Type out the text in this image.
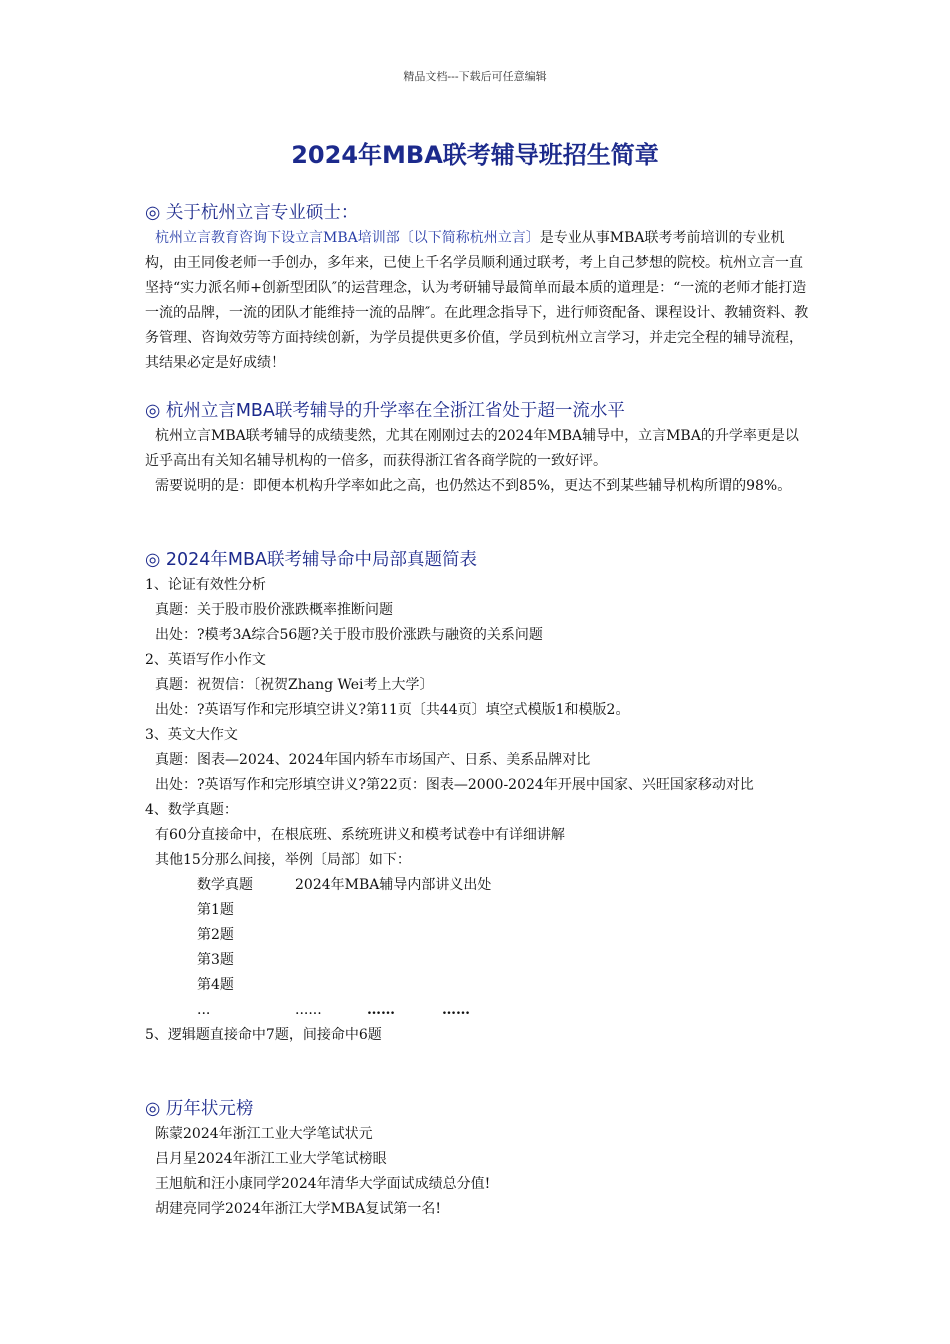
精品文档---下载后可任意编辑
2024年MBA联考辅导班招生简章
◎ 关于杭州立言专业硕士：
杭州立言教育咨询下设立言MBA培训部〔以下简称杭州立言〕是专业从事MBA联考考前培训的专业机构，由王同俊老师一手创办，多年来，已使上千名学员顺利通过联考，考上自己梦想的院校。杭州立言一直坚持“实力派名师+创新型团队″的运营理念，认为考研辅导最简单而最本质的道理是：“一流的老师才能打造一流的品牌，一流的团队才能维持一流的品牌″。在此理念指导下，进行师资配备、课程设计、教辅资料、教务管理、咨询效劳等方面持续创新，为学员提供更多价值，学员到杭州立言学习，并走完全程的辅导流程，其结果必定是好成绩！
◎ 杭州立言MBA联考辅导的升学率在全浙江省处于超一流水平
杭州立言MBA联考辅导的成绩斐然，尤其在刚刚过去的2024年MBA辅导中，立言MBA的升学率更是以近乎高出有关知名辅导机构的一倍多，而获得浙江省各商学院的一致好评。
需要说明的是：即便本机构升学率如此之高，也仍然达不到85%，更达不到某些辅导机构所谓的98%。
◎ 2024年MBA联考辅导命中局部真题简表
1、论证有效性分析
真题：关于股市股价涨跌概率推断问题
出处：?模考3A综合56题?关于股市股价涨跌与融资的关系问题
2、英语写作小作文
真题：祝贺信：〔祝贺Zhang Wei考上大学〕
出处：?英语写作和完形填空讲义?第11页〔共44页〕填空式模版1和模版2。
3、英文大作文
真题：图表—2024、2024年国内轿车市场国产、日系、美系品牌对比
出处：?英语写作和完形填空讲义?第22页：图表—2000-2024年开展中国家、兴旺国家移动对比
4、数学真题：
有60分直接命中，在根底班、系统班讲义和模考试卷中有详细讲解
其他15分那么间接，举例〔局部〕如下：
数学真题	2024年MBA辅导内部讲义出处
第1题
第2题
第3题
第4题
...	......	……	……
5、逻辑题直接命中7题，间接命中6题
◎ 历年状元榜
陈蒙2024年浙江工业大学笔试状元
吕月星2024年浙江工业大学笔试榜眼
王旭航和汪小康同学2024年清华大学面试成绩总分值!
胡建亮同学2024年浙江大学MBA复试第一名!
